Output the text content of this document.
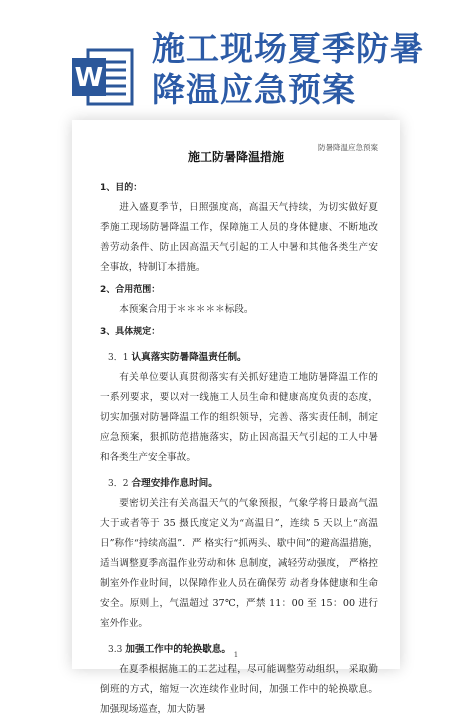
W
施工现场夏季防暑
降温应急预案
防暑降温应急预案
施工防暑降温措施
1、目的：

进入盛夏季节，日照强度高，高温天气持续，为切实做好夏季施工现场防暑降温工作，保障施工人员的身体健康、不断地改善劳动条件、防止因高温天气引起的工人中暑和其他各类生产安全事故，特制订本措施。

2、合用范围：

本预案合用于＊＊＊＊＊标段。

3、具体规定：
3．1 认真落实防暑降温责任制。

有关单位要认真贯彻落实有关抓好建造工地防暑降温工作的一系列要求，要以对一线施工人员生命和健康高度负责的态度，切实加强对防暑降温工作的组织领导，完善、落实责任制，制定应急预案，狠抓防范措施落实，防止因高温天气引起的工人中暑和各类生产安全事故。

3．2 合理安排作息时间。

要密切关注有关高温天气的气象预报，气象学将日最高气温大于或者等于 35 摄氏度定义为“高温日”，连续 5 天以上“高温日”称作“持续高温”．严 格实行“抓两头、歇中间”的避高温措施， 适当调整夏季高温作业劳动和休 息制度，减轻劳动强度， 严格控制室外作业时间，以保障作业人员在确保劳 动者身体健康和生命安全。原则上，气温超过 37℃，严禁 11：00 至 15：00 进行室外作业。

3.3 加强工作中的轮换歇息。

在夏季根据施工的工艺过程，尽可能调整劳动组织， 采取勤倒班的方式，缩短一次连续作业时间，加强工作中的轮换歇息。加强现场巡查，加大防暑

1
